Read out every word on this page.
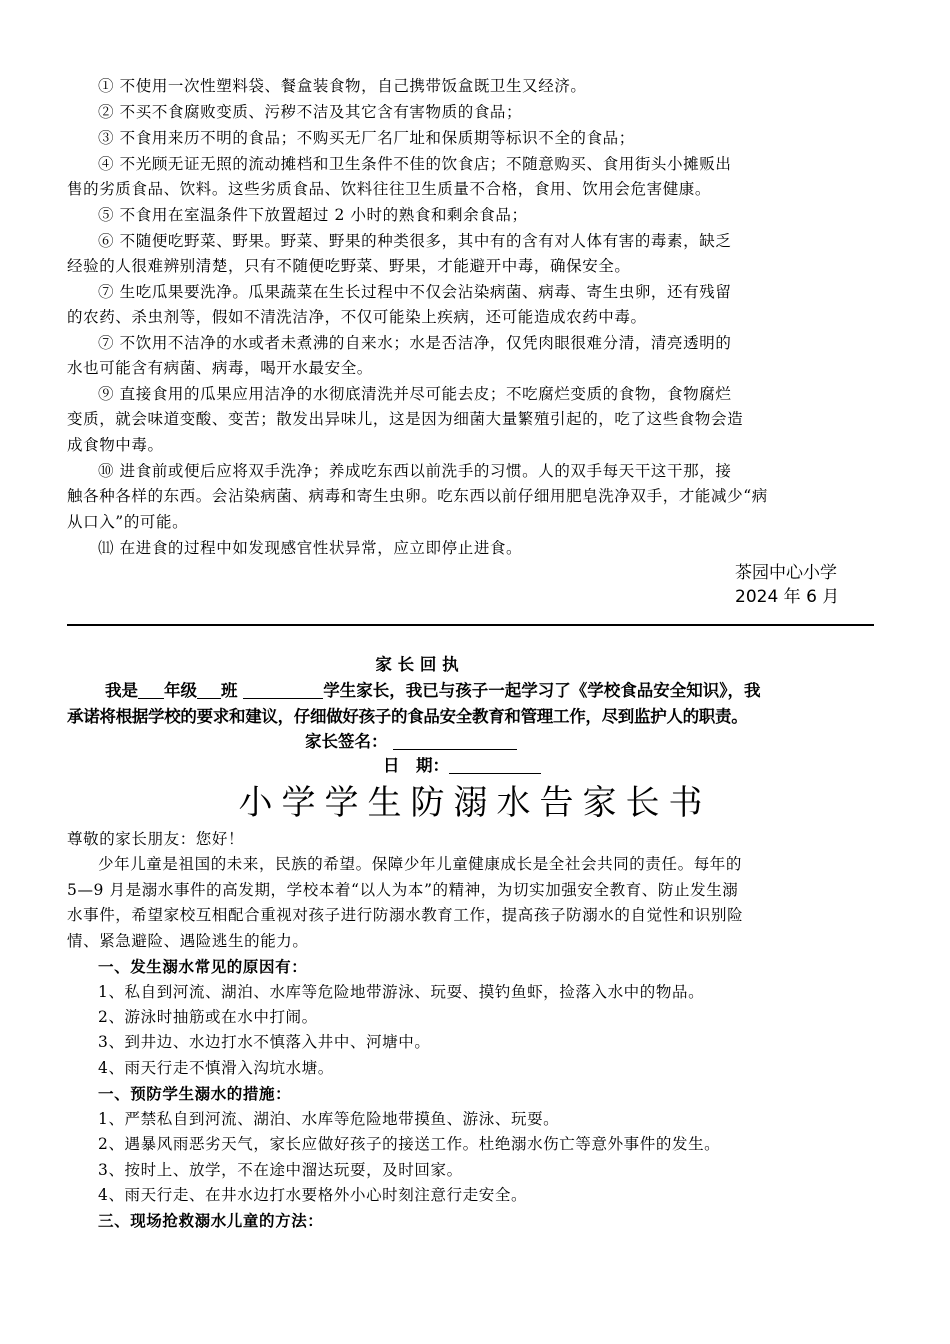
① 不使用一次性塑料袋、餐盒装食物，自己携带饭盒既卫生又经济。
② 不买不食腐败变质、污秽不洁及其它含有害物质的食品；
③ 不食用来历不明的食品；不购买无厂名厂址和保质期等标识不全的食品；
④ 不光顾无证无照的流动摊档和卫生条件不佳的饮食店；不随意购买、食用街头小摊贩出
售的劣质食品、饮料。这些劣质食品、饮料往往卫生质量不合格，食用、饮用会危害健康。
⑤ 不食用在室温条件下放置超过 2 小时的熟食和剩余食品；
⑥ 不随便吃野菜、野果。野菜、野果的种类很多，其中有的含有对人体有害的毒素，缺乏
经验的人很难辨别清楚，只有不随便吃野菜、野果，才能避开中毒，确保安全。
⑦ 生吃瓜果要洗净。瓜果蔬菜在生长过程中不仅会沾染病菌、病毒、寄生虫卵，还有残留
的农药、杀虫剂等，假如不清洗洁净，不仅可能染上疾病，还可能造成农药中毒。
⑦ 不饮用不洁净的水或者未煮沸的自来水；水是否洁净，仅凭肉眼很难分清，清亮透明的
水也可能含有病菌、病毒，喝开水最安全。
⑨ 直接食用的瓜果应用洁净的水彻底清洗并尽可能去皮；不吃腐烂变质的食物，食物腐烂
变质，就会味道变酸、变苦；散发出异味儿，这是因为细菌大量繁殖引起的，吃了这些食物会造
成食物中毒。
⑩ 进食前或便后应将双手洗净；养成吃东西以前洗手的习惯。人的双手每天干这干那，接
触各种各样的东西。会沾染病菌、病毒和寄生虫卵。吃东西以前仔细用肥皂洗净双手，才能减少“病
从口入”的可能。
⑾ 在进食的过程中如发现感官性状异常，应立即停止进食。
茶园中心小学
2024 年 6 月
家 长 回 执
我是 年级 班	学生家长，我已与孩子一起学习了《学校食品安全知识》，我
承诺将根据学校的要求和建议，仔细做好孩子的食品安全教育和管理工作，尽到监护人的职责。
家长签名：
日　期：
小学学生防溺水告家长书
尊敬的家长朋友：您好！
少年儿童是祖国的未来，民族的希望。保障少年儿童健康成长是全社会共同的责任。每年的
5—9 月是溺水事件的高发期，学校本着“以人为本”的精神，为切实加强安全教育、防止发生溺
水事件，希望家校互相配合重视对孩子进行防溺水教育工作，提高孩子防溺水的自觉性和识别险
情、紧急避险、遇险逃生的能力。
一、发生溺水常见的原因有：
1、私自到河流、湖泊、水库等危险地带游泳、玩耍、摸钓鱼虾，捡落入水中的物品。
2、游泳时抽筋或在水中打闹。
3、到井边、水边打水不慎落入井中、河塘中。
4、雨天行走不慎滑入沟坑水塘。
一、预防学生溺水的措施：
1、严禁私自到河流、湖泊、水库等危险地带摸鱼、游泳、玩耍。
2、遇暴风雨恶劣天气，家长应做好孩子的接送工作。杜绝溺水伤亡等意外事件的发生。
3、按时上、放学，不在途中溜达玩耍，及时回家。
4、雨天行走、在井水边打水要格外小心时刻注意行走安全。
三、现场抢救溺水儿童的方法：
